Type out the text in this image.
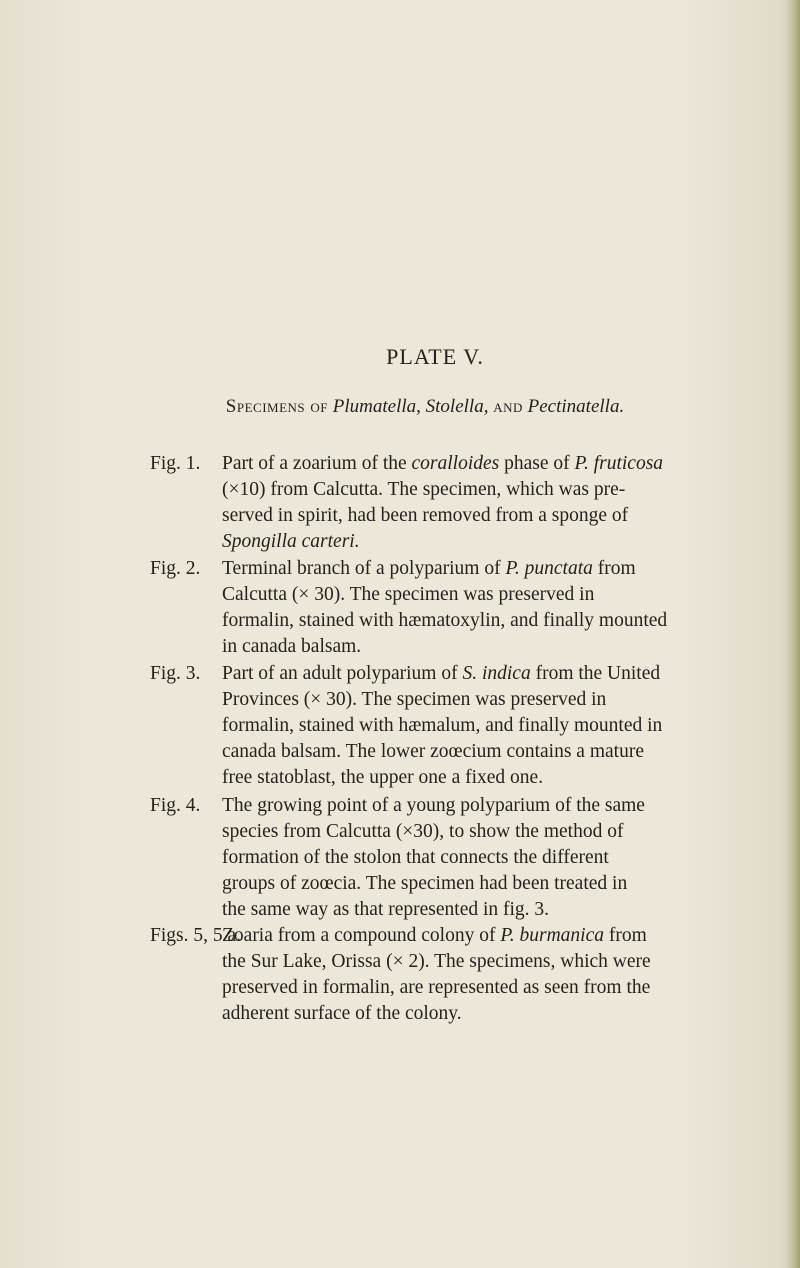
PLATE V.
Specimens of Plumatella, Stolella, and Pectinatella.
Fig. 1. Part of a zoarium of the coralloides phase of P. fruticosa
(×10) from Calcutta. The specimen, which was pre-
served in spirit, had been removed from a sponge of
Spongilla carteri.
Fig. 2. Terminal branch of a polyparium of P. punctata from
Calcutta (× 30). The specimen was preserved in
formalin, stained with hæmatoxylin, and finally mounted
in canada balsam.
Fig. 3. Part of an adult polyparium of S. indica from the United
Provinces (× 30). The specimen was preserved in
formalin, stained with hæmalum, and finally mounted in
canada balsam. The lower zoœcium contains a mature
free statoblast, the upper one a fixed one.
Fig. 4. The growing point of a young polyparium of the same
species from Calcutta (×30), to show the method of
formation of the stolon that connects the different
groups of zoœcia. The specimen had been treated in
the same way as that represented in fig. 3.
Figs. 5, 5 a.
Zoaria from a compound colony of P. burmanica from
the Sur Lake, Orissa (× 2). The specimens, which were
preserved in formalin, are represented as seen from the
adherent surface of the colony.
